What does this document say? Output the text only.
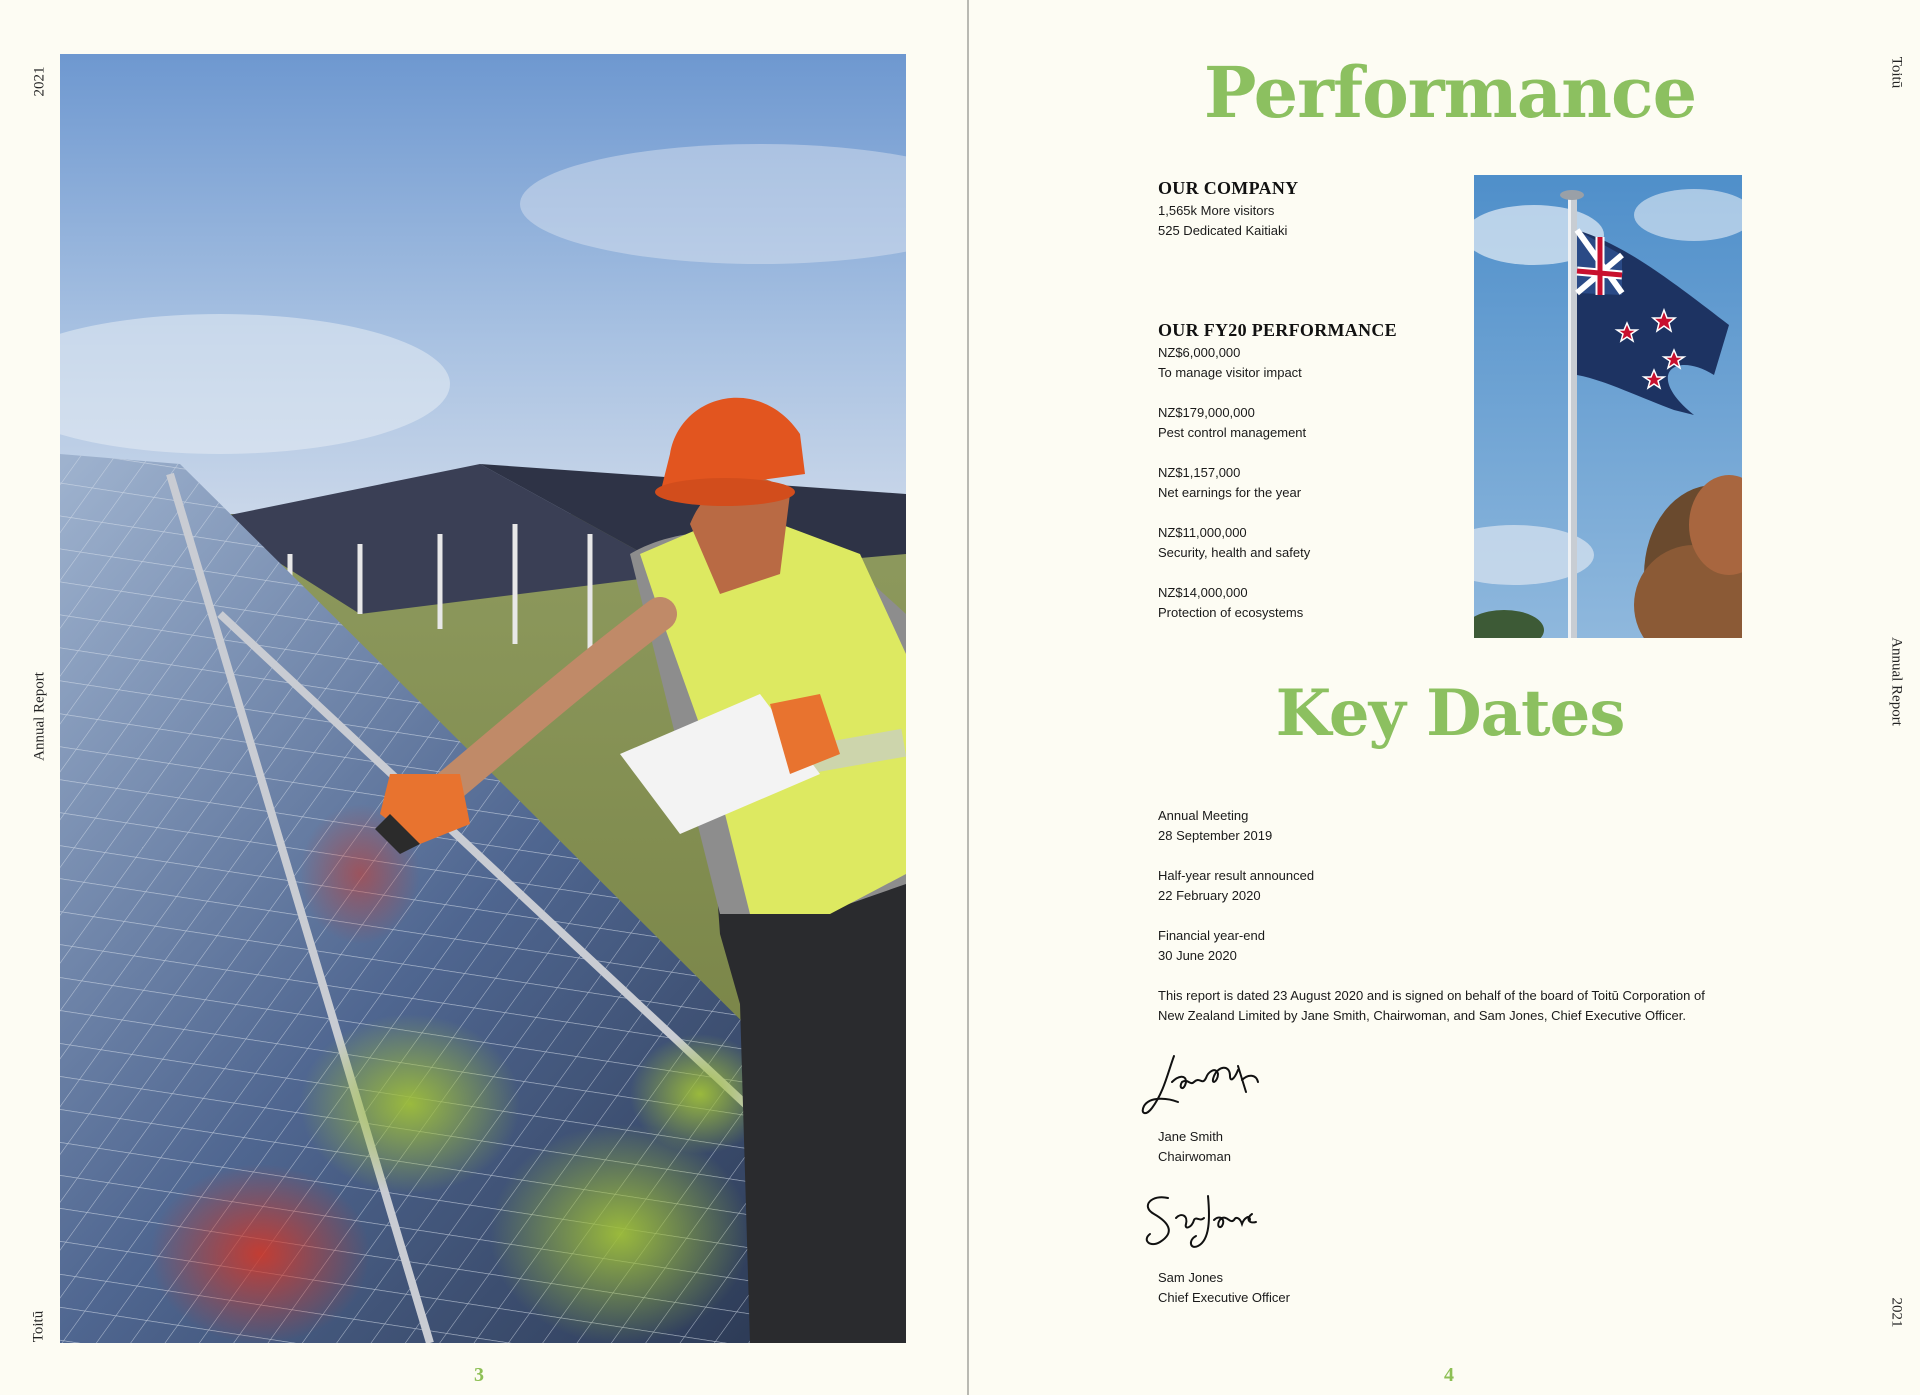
2021
Annual Report
Toitū
3
Toitū
Annual Report
2021
Performance
OUR COMPANY
1,565k More visitors
525 Dedicated Kaitiaki
OUR FY20 PERFORMANCE
NZ$6,000,000
To manage visitor impact
NZ$179,000,000
Pest control management
NZ$1,157,000
Net earnings for the year
NZ$11,000,000
Security, health and safety
NZ$14,000,000
Protection of ecosystems
Key Dates
Annual Meeting
28 September 2019
Half-year result announced
22 February 2020
Financial year-end
30 June 2020
This report is dated 23 August 2020 and is signed on behalf of the board of Toitū Corporation of
New Zealand Limited by Jane Smith, Chairwoman, and Sam Jones, Chief Executive Officer.
Jane Smith
Chairwoman
Sam Jones
Chief Executive Officer
4
